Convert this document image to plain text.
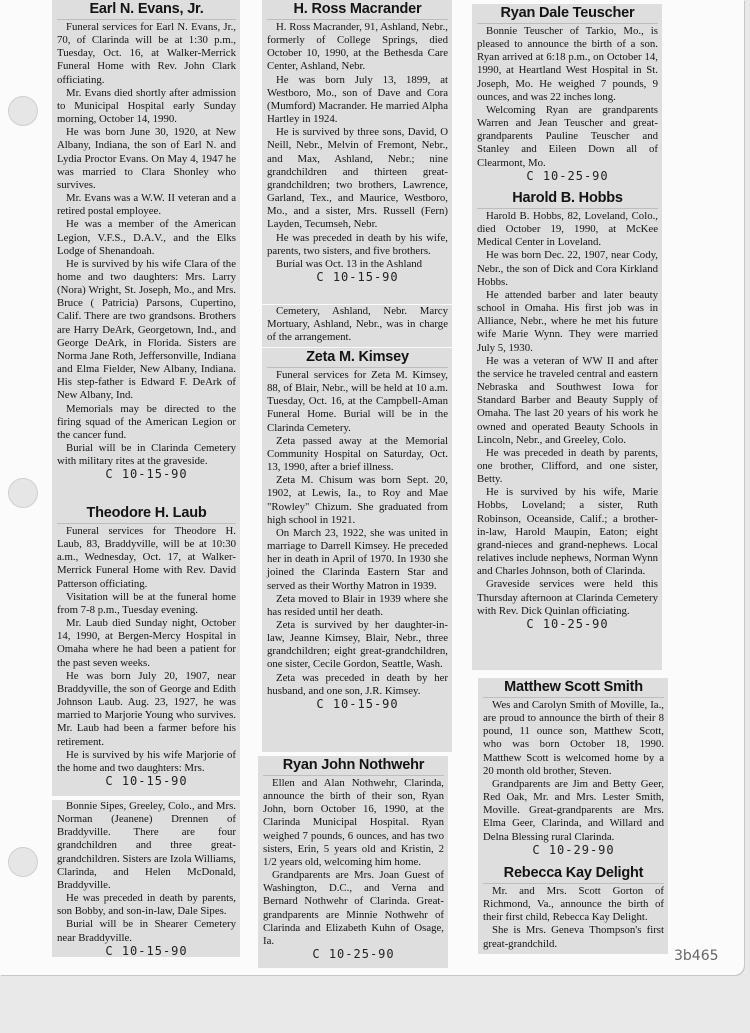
Earl N. Evans, Jr.

Funeral services for Earl N. Evans, Jr., 70, of Clarinda will be at 1:30 p.m., Tuesday, Oct. 16, at Walker-Merrick Funeral Home with Rev. John Clark officiating.

Mr. Evans died shortly after admission to Municipal Hospital early Sunday morning, October 14, 1990.

He was born June 30, 1920, at New Albany, Indiana, the son of Earl N. and Lydia Proctor Evans. On May 4, 1947 he was married to Clara Shonley who survives.

Mr. Evans was a W.W. II veteran and a retired postal employee.

He was a member of the American Legion, V.F.S., D.A.V., and the Elks Lodge of Shenandoah.

He is survived by his wife Clara of the home and two daughters: Mrs. Larry (Nora) Wright, St. Joseph, Mo., and Mrs. Bruce ( Patricia) Parsons, Cupertino, Calif. There are two grandsons. Brothers are Harry DeArk, Georgetown, Ind., and George DeArk, in Florida. Sisters are Norma Jane Roth, Jeffersonville, Indiana and Elma Fielder, New Albany, Indiana. His step-father is Edward F. DeArk of New Albany, Ind.

Memorials may be directed to the firing squad of the American Legion or the cancer fund.

Burial will be in Clarinda Cemetery with military rites at the graveside.

C 10-15-90
Theodore H. Laub

Funeral services for Theodore H. Laub, 83, Braddyville, will be at 10:30 a.m., Wednesday, Oct. 17, at Walker-Merrick Funeral Home with Rev. David Patterson officiating.

Visitation will be at the funeral home from 7-8 p.m., Tuesday evening.

Mr. Laub died Sunday night, October 14, 1990, at Bergen-Mercy Hospital in Omaha where he had been a patient for the past seven weeks.

He was born July 20, 1907, near Braddyville, the son of George and Edith Johnson Laub. Aug. 23, 1927, he was married to Marjorie Young who survives. Mr. Laub had been a farmer before his retirement.

He is survived by his wife Marjorie of the home and two daughters: Mrs.

C 10-15-90

Bonnie Sipes, Greeley, Colo., and Mrs. Norman (Jeanene) Drennen of Braddyville. There are four grandchildren and three great-grandchildren. Sisters are Izola Williams, Clarinda, and Helen McDonald, Braddyville.

He was preceded in death by parents, son Bobby, and son-in-law, Dale Sipes.

Burial will be in Shearer Cemetery near Braddyville.

C 10-15-90
H. Ross Macrander

H. Ross Macrander, 91, Ashland, Nebr., formerly of College Springs, died October 10, 1990, at the Bethesda Care Center, Ashland, Nebr.

He was born July 13, 1899, at Westboro, Mo., son of Dave and Cora (Mumford) Macrander. He married Alpha Hartley in 1924.

He is survived by three sons, David, O Neill, Nebr., Melvin of Fremont, Nebr., and Max, Ashland, Nebr.; nine grandchildren and thirteen great-grandchildren; two brothers, Lawrence, Garland, Tex., and Maurice, Westboro, Mo., and a sister, Mrs. Russell (Fern) Layden, Tecumseh, Nebr.

He was preceded in death by his wife, parents, two sisters, and five brothers.

Burial was Oct. 13 in the Ashland

C 10-15-90

Cemetery, Ashland, Nebr. Marcy Mortuary, Ashland, Nebr., was in charge of the arrangement.

Zeta M. Kimsey

Funeral services for Zeta M. Kimsey, 88, of Blair, Nebr., will be held at 10 a.m. Tuesday, Oct. 16, at the Campbell-Aman Funeral Home. Burial will be in the Clarinda Cemetery.

Zeta passed away at the Memorial Community Hospital on Saturday, Oct. 13, 1990, after a brief illness.

Zeta M. Chisum was born Sept. 20, 1902, at Lewis, Ia., to Roy and Mae "Rowley" Chizum. She graduated from high school in 1921.

On March 23, 1922, she was united in marriage to Darrell Kimsey. He preceded her in death in April of 1970. In 1930 she joined the Clarinda Eastern Star and served as their Worthy Matron in 1939.

Zeta moved to Blair in 1939 where she has resided until her death.

Zeta is survived by her daughter-in-law, Jeanne Kimsey, Blair, Nebr., three grandchildren; eight great-grandchildren, one sister, Cecile Gordon, Seattle, Wash.

Zeta was preceded in death by her husband, and one son, J.R. Kimsey.

C 10-15-90
Ryan John Nothwehr

Ellen and Alan Nothwehr, Clarinda, announce the birth of their son, Ryan John, born October 16, 1990, at the Clarinda Municipal Hospital. Ryan weighed 7 pounds, 6 ounces, and has two sisters, Erin, 5 years old and Kristin, 2 1/2 years old, welcoming him home.

Grandparents are Mrs. Joan Guest of Washington, D.C., and Verna and Bernard Nothwehr of Clarinda. Great-grandparents are Minnie Nothwehr of Clarinda and Elizabeth Kuhn of Osage, Ia.

C 10-25-90
Ryan Dale Teuscher

Bonnie Teuscher of Tarkio, Mo., is pleased to announce the birth of a son. Ryan arrived at 6:18 p.m., on October 14, 1990, at Heartland West Hospital in St. Joseph, Mo. He weighed 7 pounds, 9 ounces, and was 22 inches long.

Welcoming Ryan are grandparents Warren and Jean Teuscher and great-grandparents Pauline Teuscher and Stanley and Eileen Down all of Clearmont, Mo.

C 10-25-90
Harold B. Hobbs

Harold B. Hobbs, 82, Loveland, Colo., died October 19, 1990, at McKee Medical Center in Loveland.

He was born Dec. 22, 1907, near Cody, Nebr., the son of Dick and Cora Kirkland Hobbs.

He attended barber and later beauty school in Omaha. His first job was in Alliance, Nebr., where he met his future wife Marie Wynn. They were married July 5, 1930.

He was a veteran of WW II and after the service he traveled central and eastern Nebraska and Southwest Iowa for Standard Barber and Beauty Supply of Omaha. The last 20 years of his work he owned and operated Beauty Schools in Lincoln, Nebr., and Greeley, Colo.

He was preceded in death by parents, one brother, Clifford, and one sister, Betty.

He is survived by his wife, Marie Hobbs, Loveland; a sister, Ruth Robinson, Oceanside, Calif.; a brother-in-law, Harold Maupin, Eaton; eight grand-nieces and grand-nephews. Local relatives include nephews, Norman Wynn and Charles Johnson, both of Clarinda.

Graveside services were held this Thursday afternoon at Clarinda Cemetery with Rev. Dick Quinlan officiating.

C 10-25-90
Matthew Scott Smith

Wes and Carolyn Smith of Moville, Ia., are proud to announce the birth of their 8 pound, 11 ounce son, Matthew Scott, who was born October 18, 1990. Matthew Scott is welcomed home by a 20 month old brother, Steven.

Grandparents are Jim and Betty Geer, Red Oak, Mr. and Mrs. Lester Smith, Moville. Great-grandparents are Mrs. Elma Geer, Clarinda, and Willard and Delna Blessing rural Clarinda.

C 10-29-90
Rebecca Kay Delight

Mr. and Mrs. Scott Gorton of Richmond, Va., announce the birth of their first child, Rebecca Kay Delight.

She is Mrs. Geneva Thompson's first great-grandchild.

3b465
